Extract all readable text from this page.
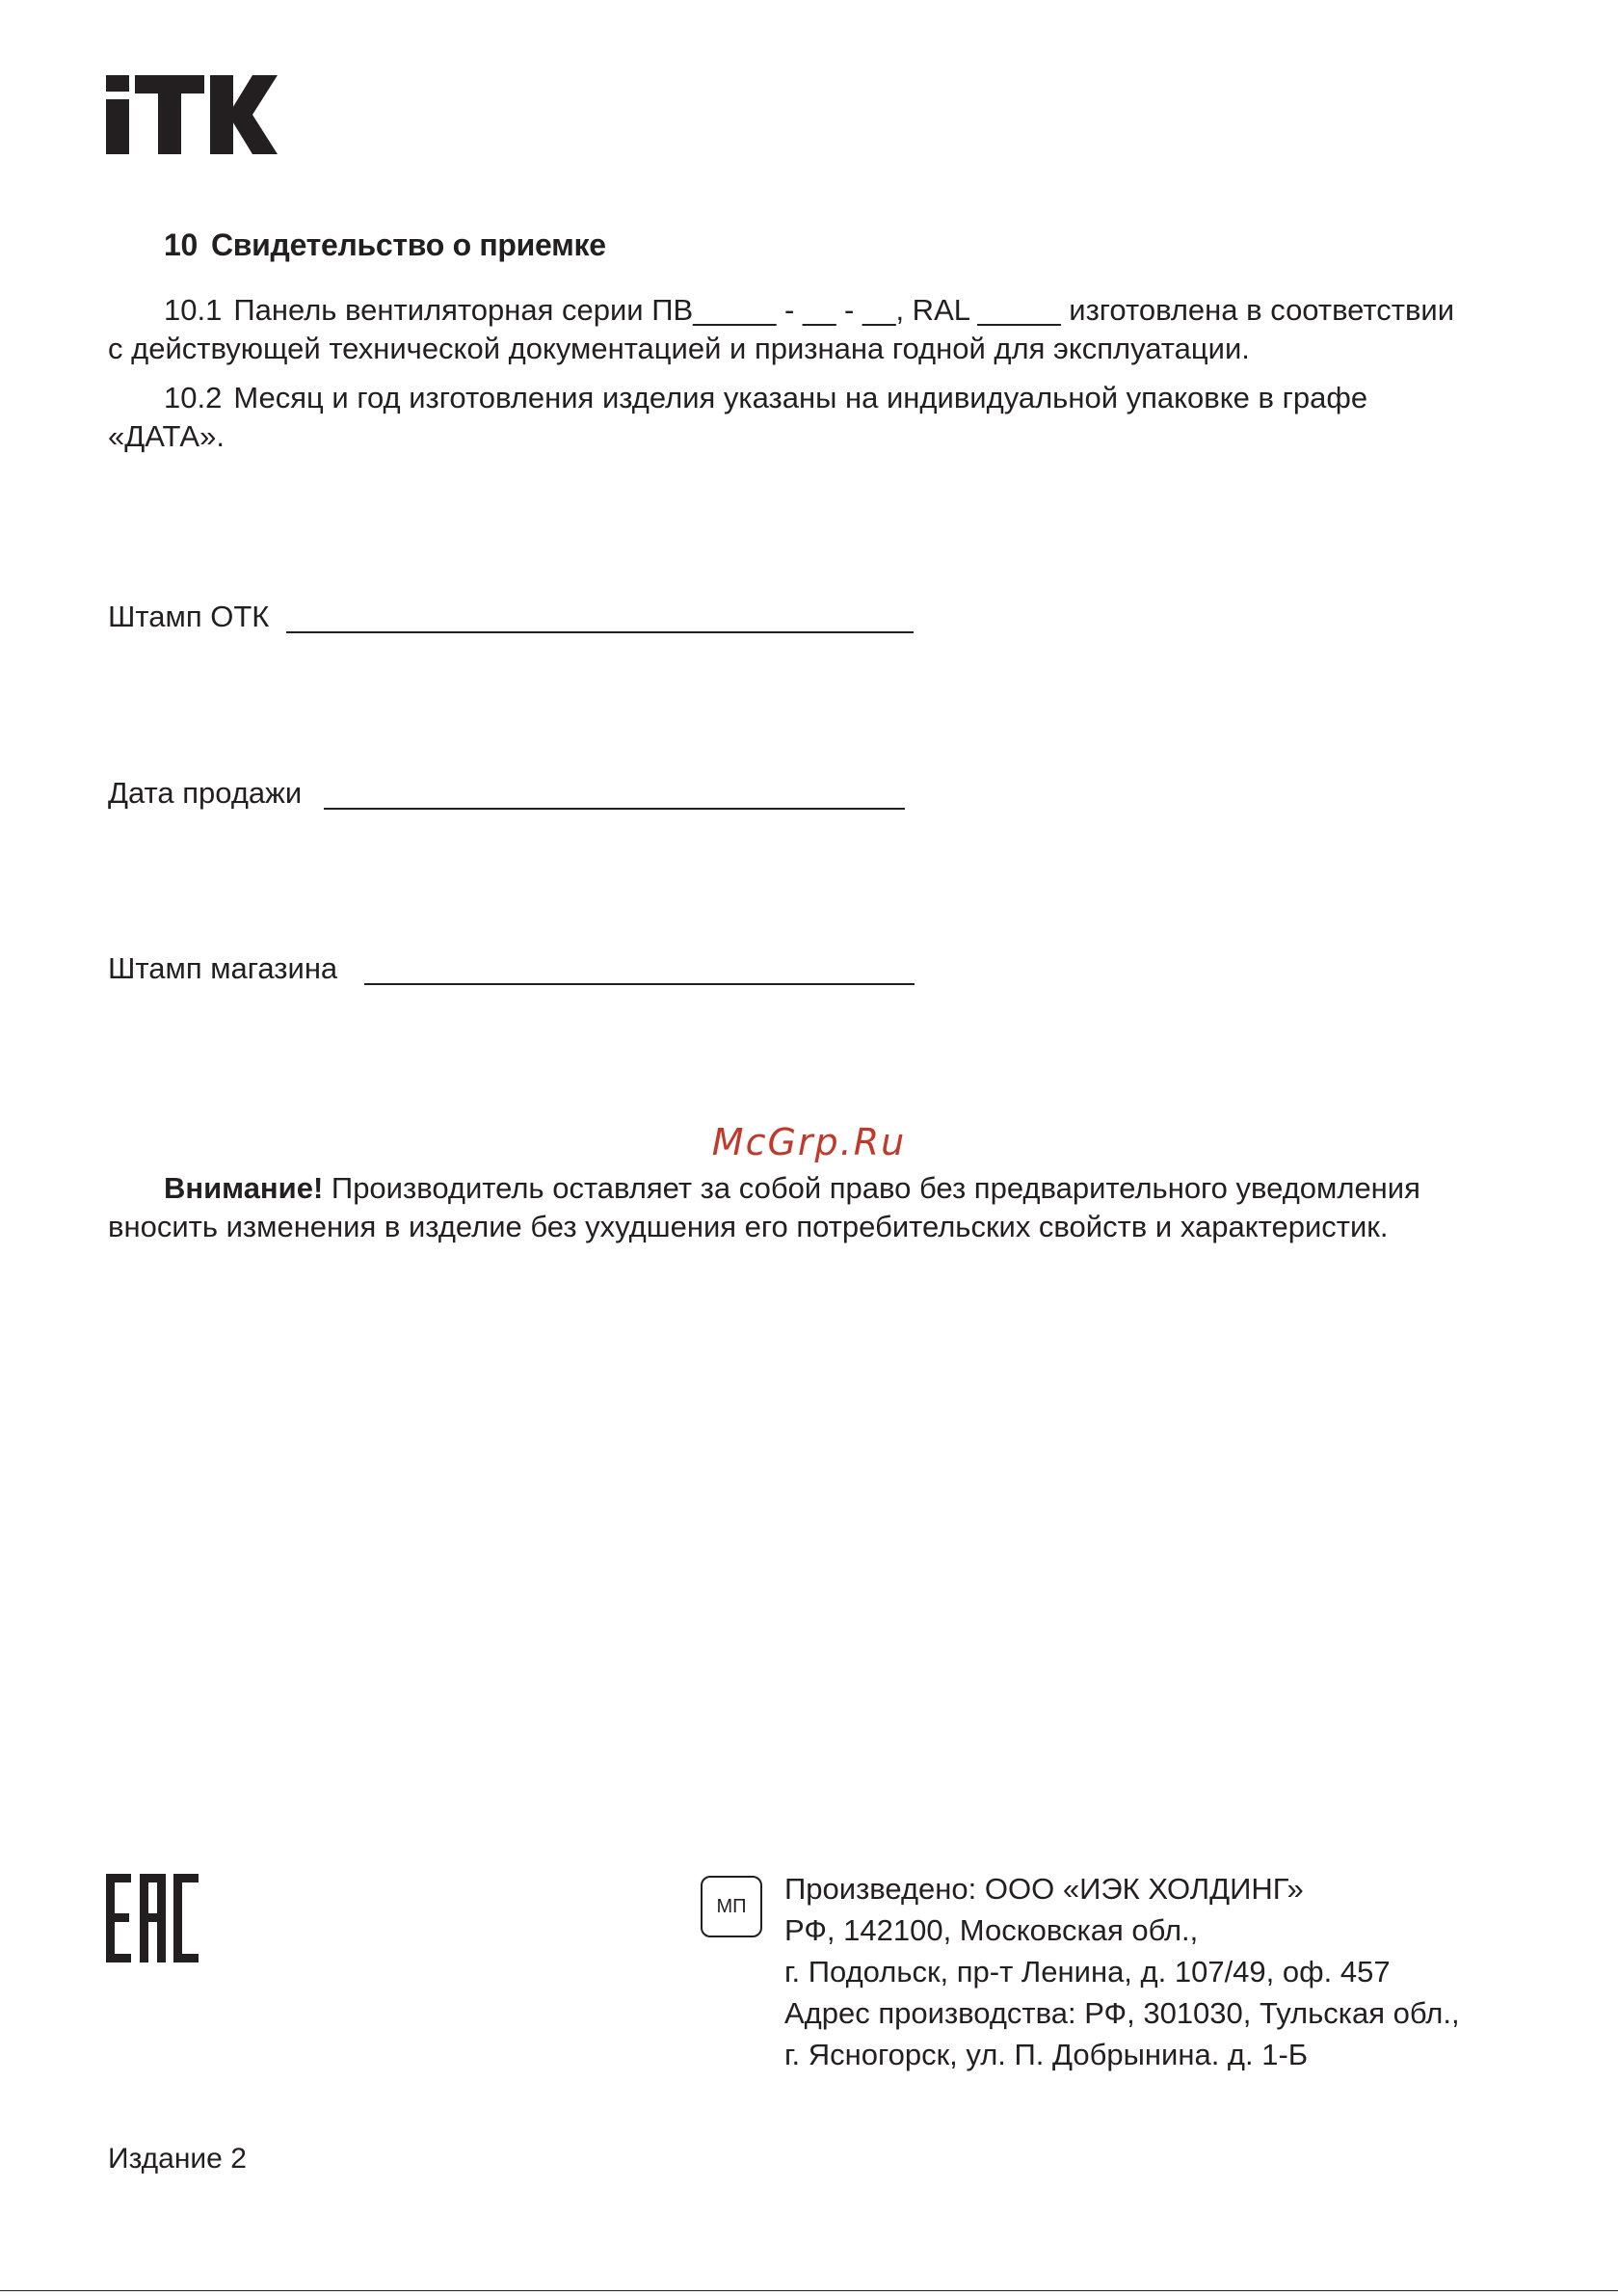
10 Свидетельство о приемке
10.1 Панель вентиляторная серии ПВ_____ - __ - __, RAL _____ изготовлена в соответствии
с действующей технической документацией и признана годной для эксплуатации.
10.2 Месяц и год изготовления изделия указаны на индивидуальной упаковке в графе
«ДАТА».
Штамп ОТК
Дата продажи
Штамп магазина
McGrp.Ru
Внимание! Производитель оставляет за собой право без предварительного уведомления
вносить изменения в изделие без ухудшения его потребительских свойств и характеристик.
МП
Произведено: ООО «ИЭК ХОЛДИНГ»
РФ, 142100, Московская обл.,
г. Подольск, пр-т Ленина, д. 107/49, оф. 457
Адрес производства: РФ, 301030, Тульская обл.,
г. Ясногорск, ул. П. Добрынина. д. 1-Б
Издание 2
